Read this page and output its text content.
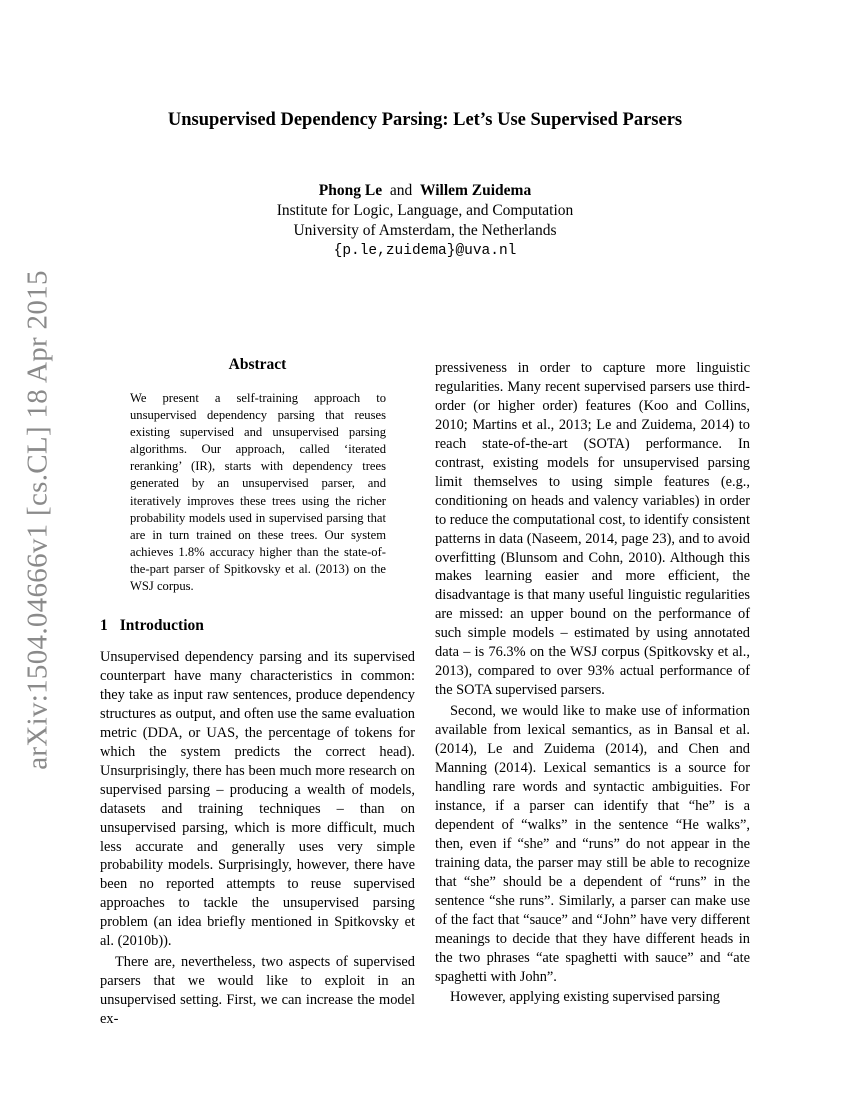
Unsupervised Dependency Parsing: Let’s Use Supervised Parsers
Phong Le and Willem Zuidema
Institute for Logic, Language, and Computation
University of Amsterdam, the Netherlands
{p.le,zuidema}@uva.nl
arXiv:1504.04666v1 [cs.CL] 18 Apr 2015	Abstract
We present a self-training approach to unsupervised dependency parsing that reuses existing supervised and unsupervised parsing algorithms. Our approach, called ‘iterated reranking’ (IR), starts with dependency trees generated by an unsupervised parser, and iteratively improves these trees using the richer probability models used in supervised parsing that are in turn trained on these trees. Our system achieves 1.8% accuracy higher than the state-of-the-part parser of Spitkovsky et al. (2013) on the WSJ corpus.
1 Introduction

Unsupervised dependency parsing and its supervised counterpart have many characteristics in common: they take as input raw sentences, produce dependency structures as output, and often use the same evaluation metric (DDA, or UAS, the percentage of tokens for which the system predicts the correct head). Unsurprisingly, there has been much more research on supervised parsing – producing a wealth of models, datasets and training techniques – than on unsupervised parsing, which is more difficult, much less accurate and generally uses very simple probability models. Surprisingly, however, there have been no reported attempts to reuse supervised approaches to tackle the unsupervised parsing problem (an idea briefly mentioned in Spitkovsky et al. (2010b)).

There are, nevertheless, two aspects of supervised parsers that we would like to exploit in an unsupervised setting. First, we can increase the model ex-

pressiveness in order to capture more linguistic regularities. Many recent supervised parsers use third-order (or higher order) features (Koo and Collins, 2010; Martins et al., 2013; Le and Zuidema, 2014) to reach state-of-the-art (SOTA) performance. In contrast, existing models for unsupervised parsing limit themselves to using simple features (e.g., conditioning on heads and valency variables) in order to reduce the computational cost, to identify consistent patterns in data (Naseem, 2014, page 23), and to avoid overfitting (Blunsom and Cohn, 2010). Although this makes learning easier and more efficient, the disadvantage is that many useful linguistic regularities are missed: an upper bound on the performance of such simple models – estimated by using annotated data – is 76.3% on the WSJ corpus (Spitkovsky et al., 2013), compared to over 93% actual performance of the SOTA supervised parsers.

Second, we would like to make use of information available from lexical semantics, as in Bansal et al. (2014), Le and Zuidema (2014), and Chen and Manning (2014). Lexical semantics is a source for handling rare words and syntactic ambiguities. For instance, if a parser can identify that “he” is a dependent of “walks” in the sentence “He walks”, then, even if “she” and “runs” do not appear in the training data, the parser may still be able to recognize that “she” should be a dependent of “runs” in the sentence “she runs”. Similarly, a parser can make use of the fact that “sauce” and “John” have very different meanings to decide that they have different heads in the two phrases “ate spaghetti with sauce” and “ate spaghetti with John”.

However, applying existing supervised parsing
